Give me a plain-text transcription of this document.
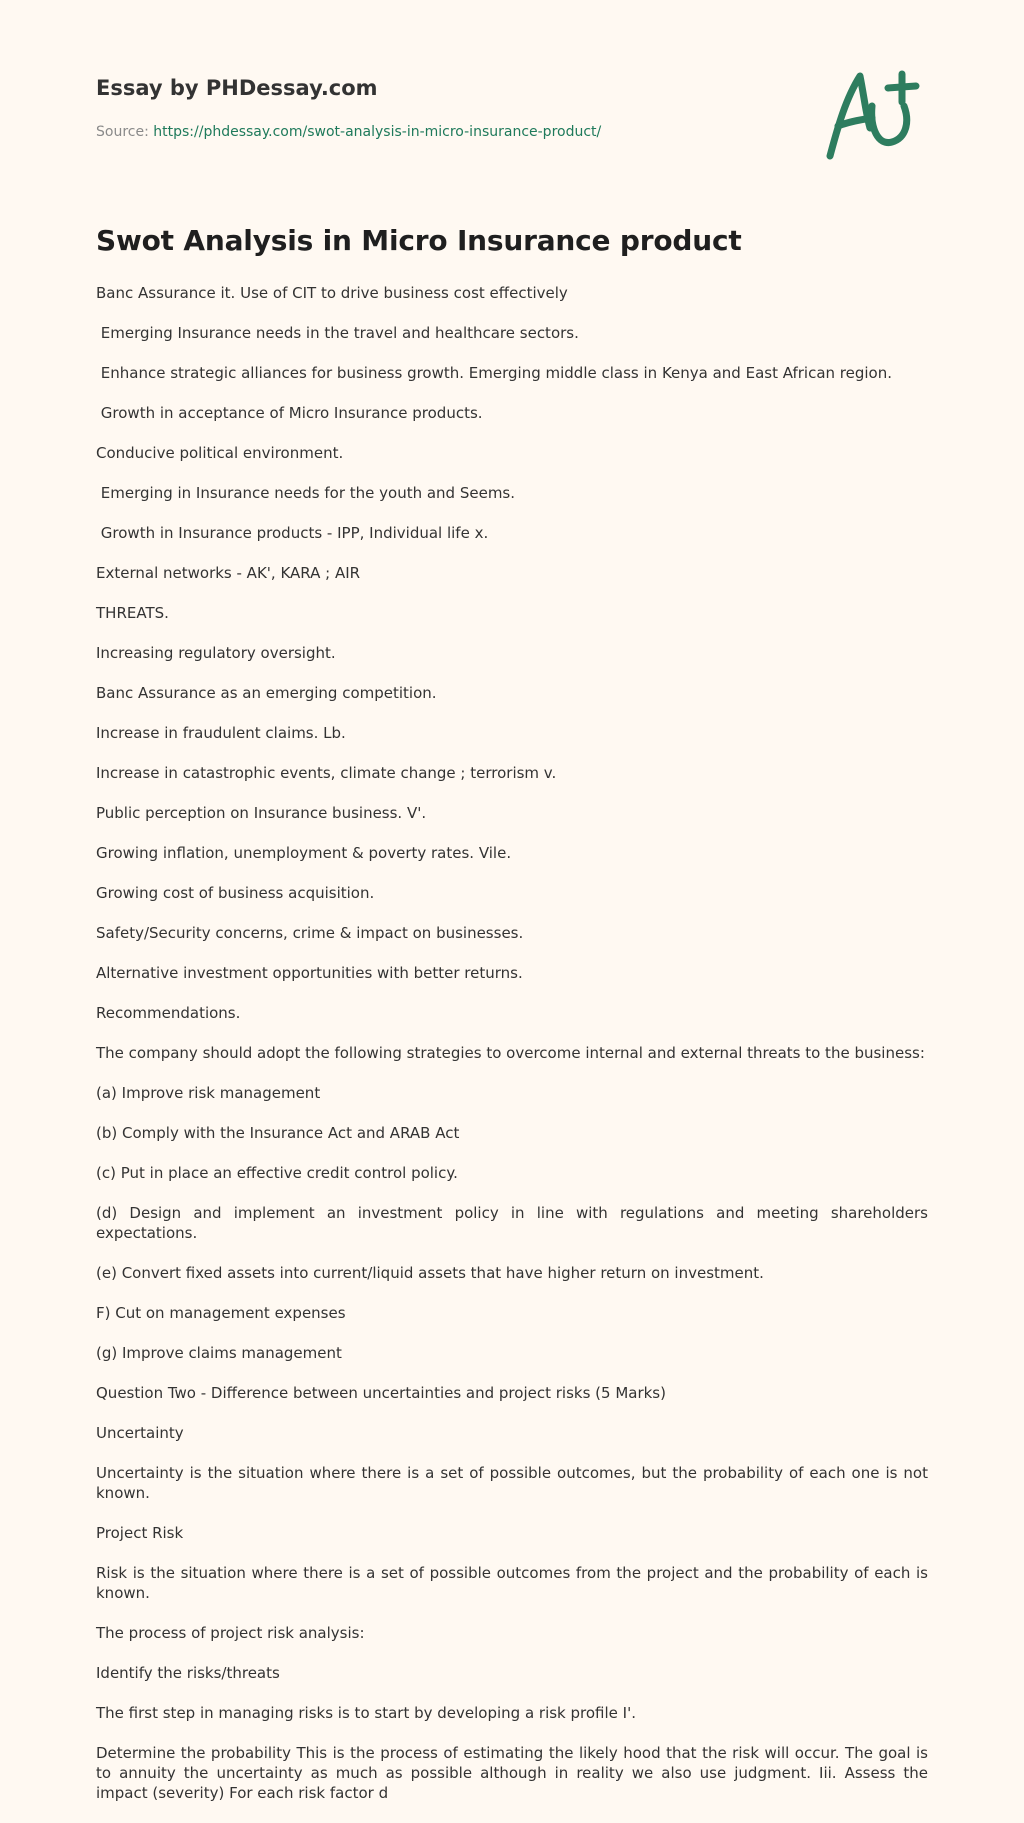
Essay by PHDessay.com
Source: https://phdessay.com/swot-analysis-in-micro-insurance-product/
Swot Analysis in Micro Insurance product

Banc Assurance it. Use of CIT to drive business cost effectively

Emerging Insurance needs in the travel and healthcare sectors.

Enhance strategic alliances for business growth. Emerging middle class in Kenya and East African region.

Growth in acceptance of Micro Insurance products.

Conducive political environment.

Emerging in Insurance needs for the youth and Seems.

Growth in Insurance products - IPP, Individual life x.

External networks - AK', KARA ; AIR

THREATS.

Increasing regulatory oversight.

Banc Assurance as an emerging competition.

Increase in fraudulent claims. Lb.

Increase in catastrophic events, climate change ; terrorism v.

Public perception on Insurance business. V'.

Growing inflation, unemployment & poverty rates. Vile.

Growing cost of business acquisition.

Safety/Security concerns, crime & impact on businesses.

Alternative investment opportunities with better returns.

Recommendations.

The company should adopt the following strategies to overcome internal and external threats to the business:

(a) Improve risk management

(b) Comply with the Insurance Act and ARAB Act

(c) Put in place an effective credit control policy.

(d) Design and implement an investment policy in line with regulations and meeting shareholders expectations.

(e) Convert fixed assets into current/liquid assets that have higher return on investment.

F) Cut on management expenses

(g) Improve claims management

Question Two - Difference between uncertainties and project risks (5 Marks)

Uncertainty

Uncertainty is the situation where there is a set of possible outcomes, but the probability of each one is not known.

Project Risk

Risk is the situation where there is a set of possible outcomes from the project and the probability of each is known.

The process of project risk analysis:

Identify the risks/threats

The first step in managing risks is to start by developing a risk profile I'.

Determine the probability This is the process of estimating the likely hood that the risk will occur. The goal is to annuity the uncertainty as much as possible although in reality we also use judgment. Iii. Assess the impact (severity) For each risk factor d
